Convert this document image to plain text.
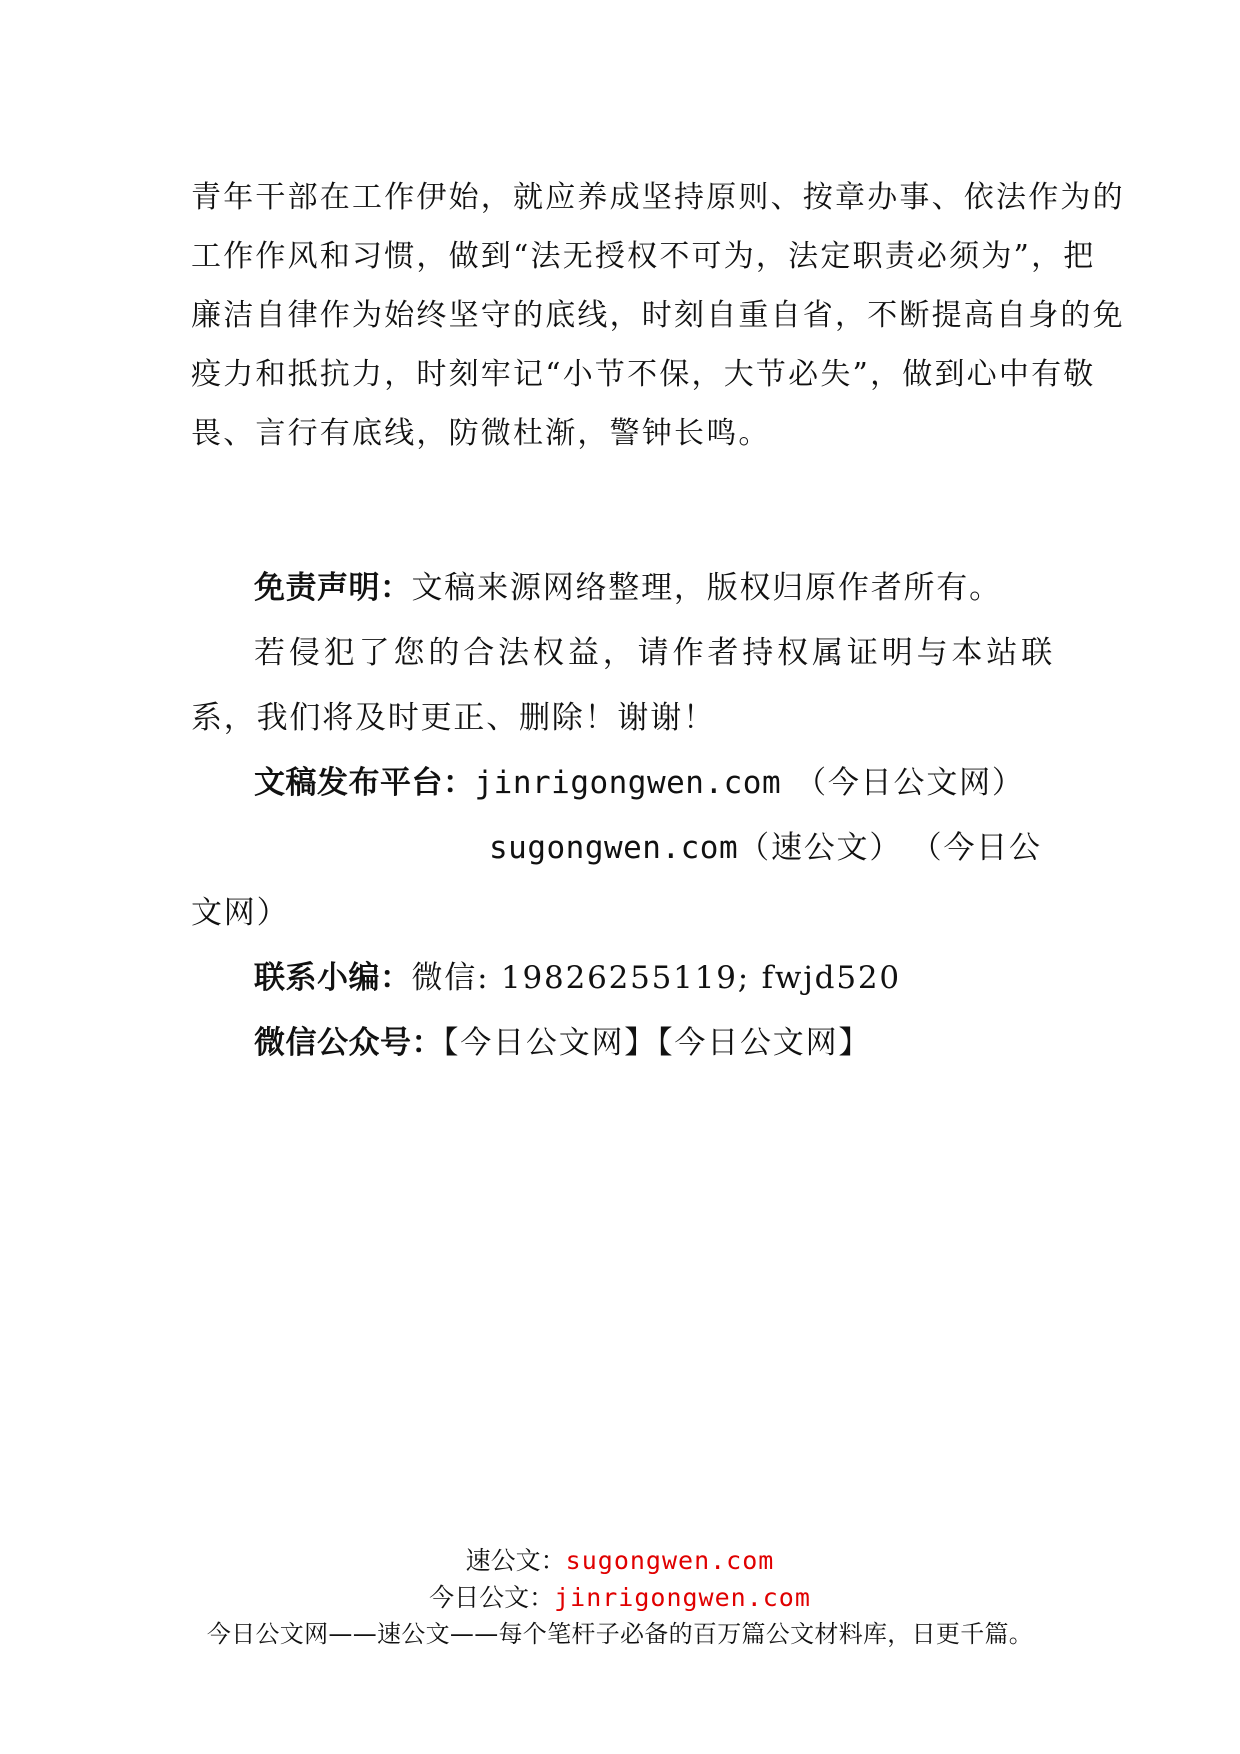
青年干部在工作伊始，就应养成坚持原则、按章办事、依法作为的
工作作风和习惯，做到“法无授权不可为，法定职责必须为”，把
廉洁自律作为始终坚守的底线，时刻自重自省，不断提高自身的免
疫力和抵抗力，时刻牢记“小节不保，大节必失”，做到心中有敬
畏、言行有底线，防微杜渐，警钟长鸣。
免责声明：文稿来源网络整理，版权归原作者所有。
若侵犯了您的合法权益，请作者持权属证明与本站联
系，我们将及时更正、删除！谢谢！
文稿发布平台：jinrigongwen.com （今日公文网）
sugongwen.com（速公文） （今日公
文网）
联系小编：微信: 19826255119; fwjd520
微信公众号：【今日公文网】【今日公文网】
速公文：sugongwen.com
今日公文：jinrigongwen.com
今日公文网——速公文——每个笔杆子必备的百万篇公文材料库，日更千篇。
